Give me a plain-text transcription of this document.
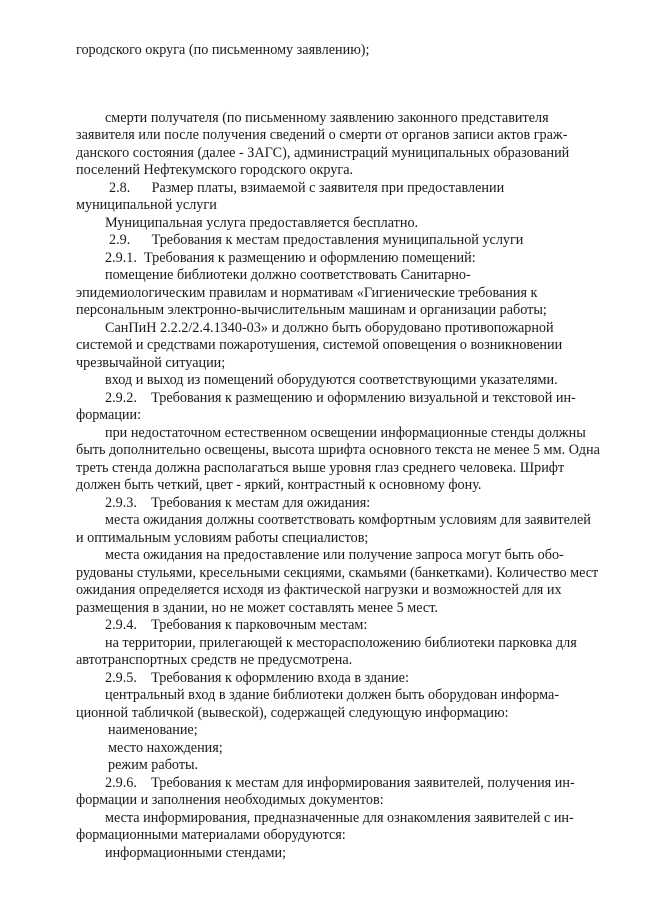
городского округа (по письменному заявлению);
смерти получателя (по письменному заявлению законного представителя
заявителя или после получения сведений о смерти от органов записи актов граж-
данского состояния (далее - ЗАГС), администраций муниципальных образований
поселений Нефтекумского городского округа.
2.8.      Размер платы, взимаемой с заявителя при предоставлении
муниципальной услуги
Муниципальная услуга предоставляется бесплатно.
2.9.      Требования к местам предоставления муниципальной услуги
2.9.1.  Требования к размещению и оформлению помещений:
помещение библиотеки должно соответствовать Санитарно-
эпидемиологическим правилам и нормативам «Гигиенические требования к
персональным электронно-вычислительным машинам и организации работы;
СанПиН 2.2.2/2.4.1340-03» и должно быть оборудовано противопожарной
системой и средствами пожаротушения, системой оповещения о возникновении
чрезвычайной ситуации;
вход и выход из помещений оборудуются соответствующими указателями.
2.9.2.    Требования к размещению и оформлению визуальной и текстовой ин-
формации:
при недостаточном естественном освещении информационные стенды должны
быть дополнительно освещены, высота шрифта основного текста не менее 5 мм. Одна
треть стенда должна располагаться выше уровня глаз среднего человека. Шрифт
должен быть четкий, цвет - яркий, контрастный к основному фону.
2.9.3.    Требования к местам для ожидания:
места ожидания должны соответствовать комфортным условиям для заявителей
и оптимальным условиям работы специалистов;
места ожидания на предоставление или получение запроса могут быть обо-
рудованы стульями, кресельными секциями, скамьями (банкетками). Количество мест
ожидания определяется исходя из фактической нагрузки и возможностей для их
размещения в здании, но не может составлять менее 5 мест.
2.9.4.    Требования к парковочным местам:
на территории, прилегающей к месторасположению библиотеки парковка для
автотранспортных средств не предусмотрена.
2.9.5.    Требования к оформлению входа в здание:
центральный вход в здание библиотеки должен быть оборудован информа-
ционной табличкой (вывеской), содержащей следующую информацию:
наименование;
место нахождения;
режим работы.
2.9.6.    Требования к местам для информирования заявителей, получения ин-
формации и заполнения необходимых документов:
места информирования, предназначенные для ознакомления заявителей с ин-
формационными материалами оборудуются:
информационными стендами;
